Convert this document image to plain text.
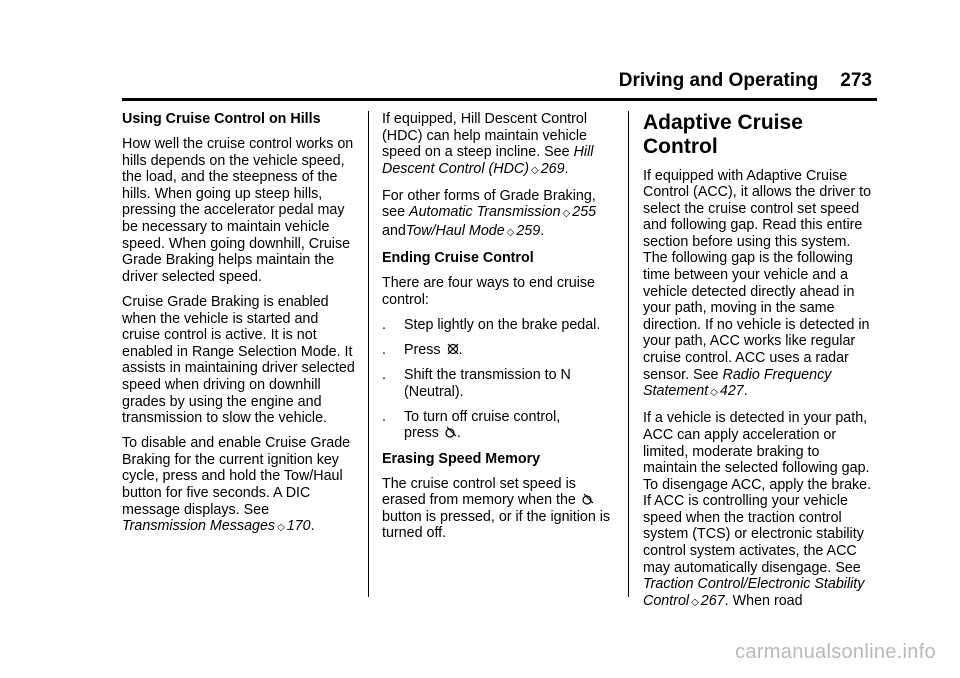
Driving and Operating 273

Using Cruise Control on Hills

How well the cruise control works on hills depends on the vehicle speed, the load, and the steepness of the hills. When going up steep hills, pressing the accelerator pedal may be necessary to maintain vehicle speed. When going downhill, Cruise Grade Braking helps maintain the driver selected speed.

Cruise Grade Braking is enabled when the vehicle is started and cruise control is active. It is not enabled in Range Selection Mode. It assists in maintaining driver selected speed when driving on downhill grades by using the engine and transmission to slow the vehicle.

To disable and enable Cruise Grade Braking for the current ignition key cycle, press and hold the Tow/Haul button for five seconds. A DIC message displays. See Transmission Messages ◇ 170.

If equipped, Hill Descent Control (HDC) can help maintain vehicle speed on a steep incline. See Hill Descent Control (HDC) ◇ 269.

For other forms of Grade Braking, see Automatic Transmission ◇ 255
andTow/Haul Mode ◇ 259.

Ending Cruise Control

There are four ways to end cruise control:

.	Step lightly on the brake pedal.

.	Press .

.	Shift the transmission to N (Neutral).

.	To turn off cruise control,
press .

Erasing Speed Memory

The cruise control set speed is
erased from memory when the
button is pressed, or if the ignition is turned off.

Adaptive Cruise Control

If equipped with Adaptive Cruise Control (ACC), it allows the driver to select the cruise control set speed and following gap. Read this entire section before using this system. The following gap is the following time between your vehicle and a vehicle detected directly ahead in your path, moving in the same direction. If no vehicle is detected in your path, ACC works like regular cruise control. ACC uses a radar sensor. See Radio Frequency Statement ◇ 427.

If a vehicle is detected in your path, ACC can apply acceleration or limited, moderate braking to maintain the selected following gap. To disengage ACC, apply the brake. If ACC is controlling your vehicle speed when the traction control system (TCS) or electronic stability control system activates, the ACC may automatically disengage. See Traction Control/Electronic Stability Control ◇ 267. When road

carmanualsonline.info
